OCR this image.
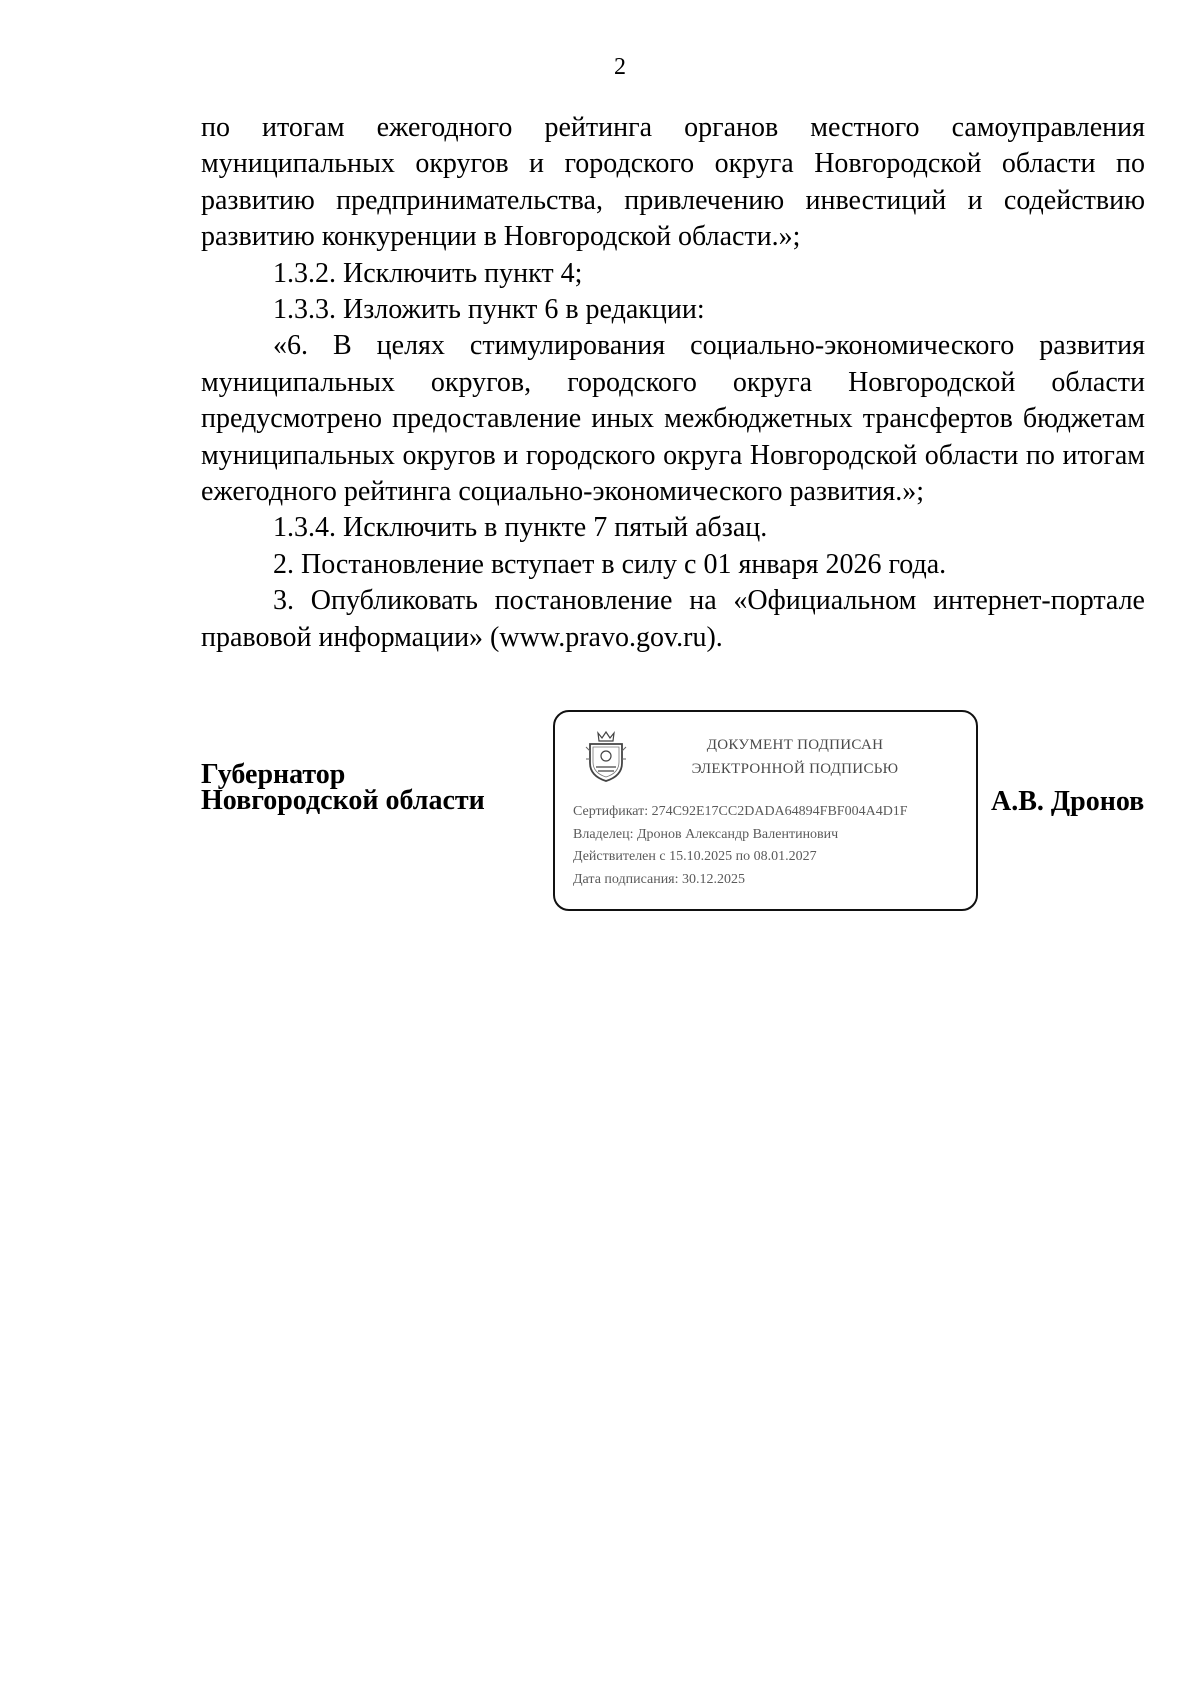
2

по итогам ежегодного рейтинга органов местного самоуправления муниципальных округов и городского округа Новгородской области по развитию предпринимательства, привлечению инвестиций и содействию развитию конкуренции в Новгородской области.»;

1.3.2. Исключить пункт 4;

1.3.3. Изложить пункт 6 в редакции:

«6. В целях стимулирования социально-экономического развития муниципальных округов, городского округа Новгородской области предусмотрено предоставление иных межбюджетных трансфертов бюджетам муниципальных округов и городского округа Новгородской области по итогам ежегодного рейтинга социально-экономического развития.»;

1.3.4. Исключить в пункте 7 пятый абзац.

2. Постановление вступает в силу с 01 января 2026 года.

3. Опубликовать постановление на «Официальном интернет-портале правовой информации» (www.pravo.gov.ru).

Губернатор
Новгородской области
ДОКУМЕНТ ПОДПИСАН
ЭЛЕКТРОННОЙ ПОДПИСЬЮ
Сертификат: 274C92E17CC2DADA64894FBF004A4D1F
Владелец: Дронов Александр Валентинович
Действителен с 15.10.2025 по 08.01.2027
Дата подписания: 30.12.2025
А.В. Дронов
